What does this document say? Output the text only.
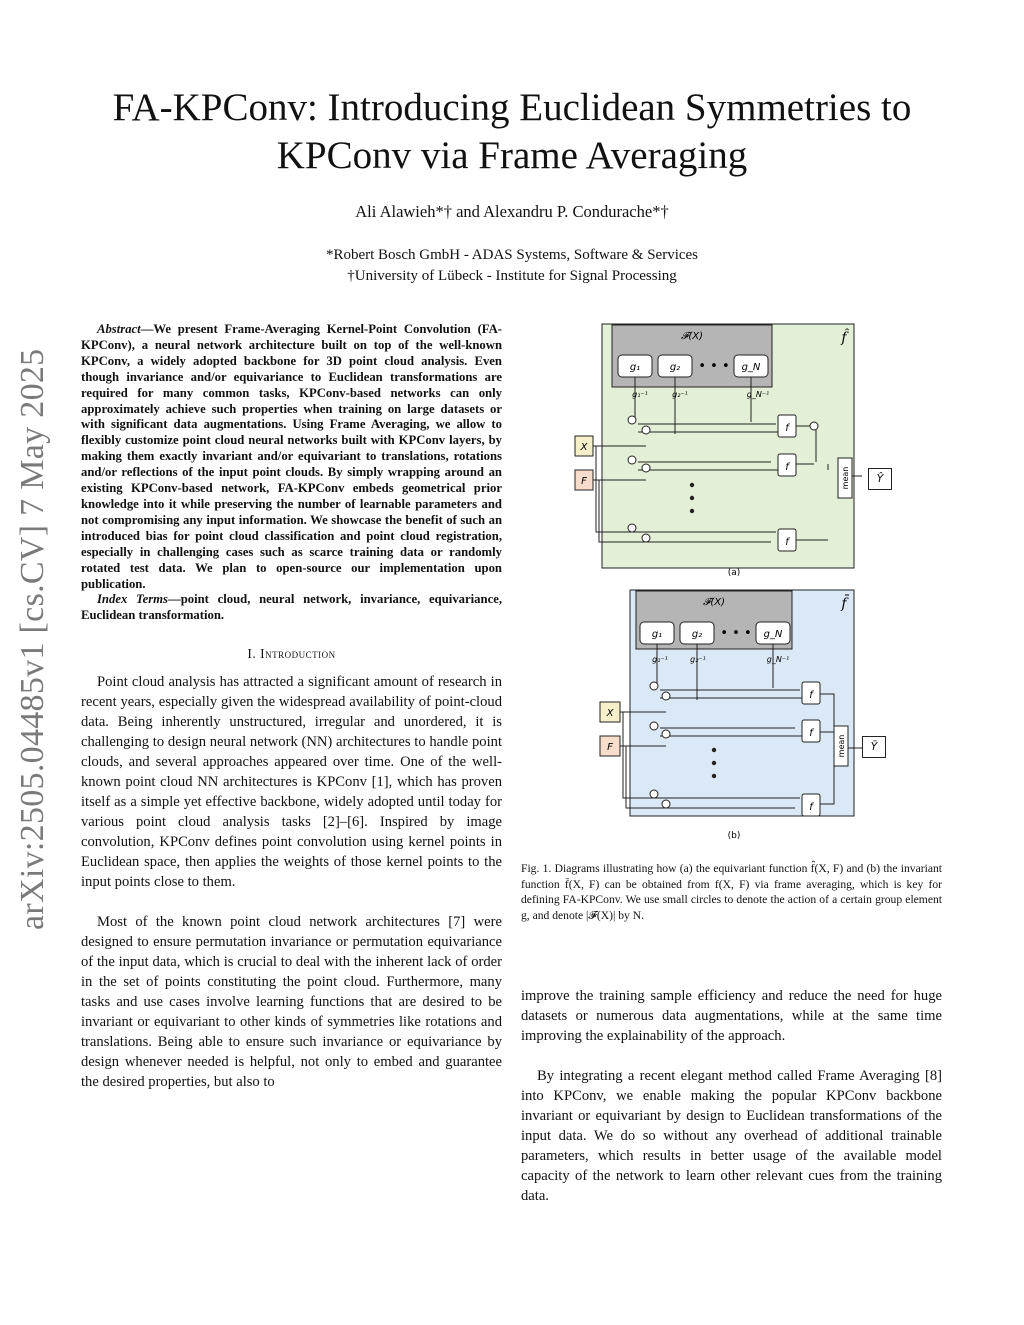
arXiv:2505.04485v1 [cs.CV] 7 May 2025
FA-KPConv: Introducing Euclidean Symmetries to
KPConv via Frame Averaging
Ali Alawieh*† and Alexandru P. Condurache*†
*Robert Bosch GmbH - ADAS Systems, Software & Services
†University of Lübeck - Institute for Signal Processing

Abstract—We present Frame-Averaging Kernel-Point Convolution (FA-KPConv), a neural network architecture built on top of the well-known KPConv, a widely adopted backbone for 3D point cloud analysis. Even though invariance and/or equivariance to Euclidean transformations are required for many common tasks, KPConv-based networks can only approximately achieve such properties when training on large datasets or with significant data augmentations. Using Frame Averaging, we allow to flexibly customize point cloud neural networks built with KPConv layers, by making them exactly invariant and/or equivariant to translations, rotations and/or reflections of the input point clouds. By simply wrapping around an existing KPConv-based network, FA-KPConv embeds geometrical prior knowledge into it while preserving the number of learnable parameters and not compromising any input information. We showcase the benefit of such an introduced bias for point cloud classification and point cloud registration, especially in challenging cases such as scarce training data or randomly rotated test data. We plan to open-source our implementation upon publication.

Index Terms—point cloud, neural network, invariance, equivariance, Euclidean transformation.

I. Introduction

Point cloud analysis has attracted a significant amount of research in recent years, especially given the widespread availability of point-cloud data. Being inherently unstructured, irregular and unordered, it is challenging to design neural network (NN) architectures to handle point clouds, and several approaches appeared over time. One of the well-known point cloud NN architectures is KPConv [1], which has proven itself as a simple yet effective backbone, widely adopted until today for various point cloud analysis tasks [2]–[6]. Inspired by image convolution, KPConv defines point convolution using kernel points in Euclidean space, then applies the weights of those kernel points to the input points close to them.

Most of the known point cloud network architectures [7] were designed to ensure permutation invariance or permutation equivariance of the input data, which is crucial to deal with the inherent lack of order in the set of points constituting the point cloud. Furthermore, many tasks and use cases involve learning functions that are desired to be invariant or equivariant to other kinds of symmetries like rotations and translations. Being able to ensure such invariance or equivariance by design whenever needed is helpful, not only to embed and guarantee the desired properties, but also to

𝓕(X)	f̂
g₁	g₂ • • • g_N
g₁⁻¹	g₂⁻¹	g_N⁻¹
f
f
f
mean
X
F
(a)
𝓕(X)	f̄
g₁	g₂ • • • g_N
g₁⁻¹	g₂⁻¹	g_N⁻¹
f
f
f
mean
X
F
(b)
Ŷ
Ȳ
Fig. 1. Diagrams illustrating how (a) the equivariant function f̂(X, F) and (b) the invariant function f̄(X, F) can be obtained from f(X, F) via frame averaging, which is key for defining FA-KPConv. We use small circles to denote the action of a certain group element g, and denote |𝓕(X)| by N.

improve the training sample efficiency and reduce the need for huge datasets or numerous data augmentations, while at the same time improving the explainability of the approach.

By integrating a recent elegant method called Frame Averaging [8] into KPConv, we enable making the popular KPConv backbone invariant or equivariant by design to Euclidean transformations of the input data. We do so without any overhead of additional trainable parameters, which results in better usage of the available model capacity of the network to learn other relevant cues from the training data.
